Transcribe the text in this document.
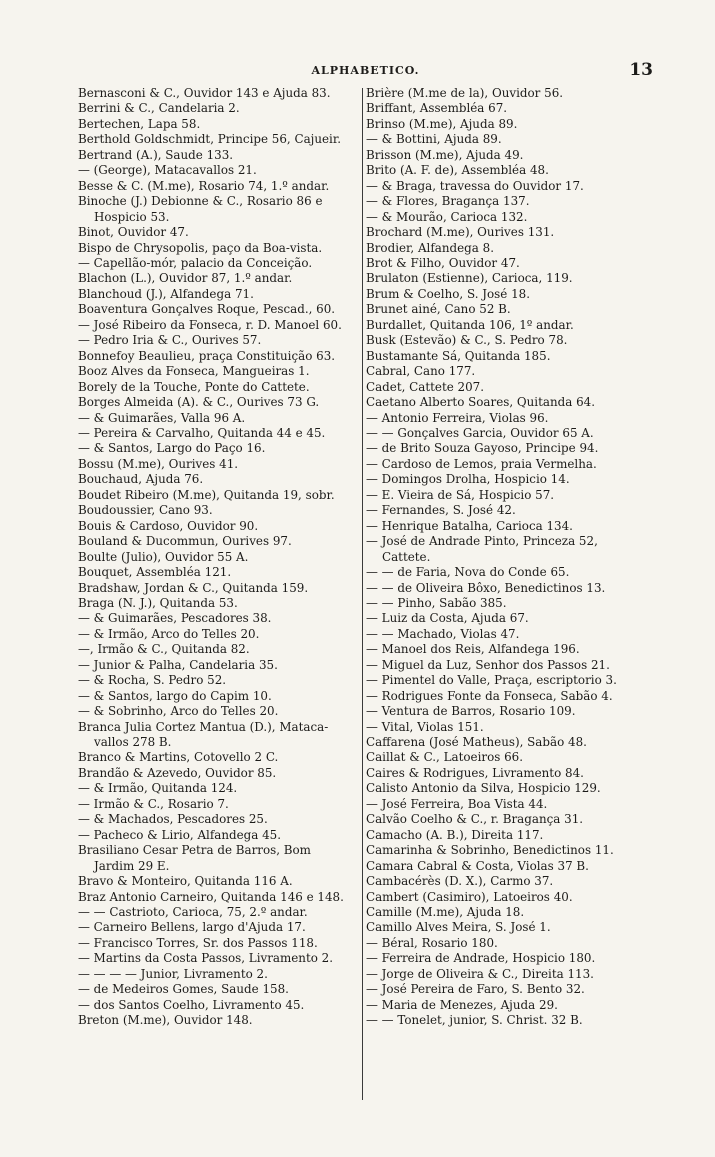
ALPHABETICO.	13
Bernasconi & C., Ouvidor 143 e Ajuda 83.
Berrini & C., Candelaria 2.
Bertechen, Lapa 58.
Berthold Goldschmidt, Principe 56, Cajueir.
Bertrand (A.), Saude 133.
— (George), Matacavallos 21.
Besse & C. (M.me), Rosario 74, 1.º andar.
Binoche (J.) Debionne & C., Rosario 86 e
Hospicio 53.
Binot, Ouvidor 47.
Bispo de Chrysopolis, paço da Boa-vista.
— Capellão-mór, palacio da Conceição.
Blachon (L.), Ouvidor 87, 1.º andar.
Blanchoud (J.), Alfandega 71.
Boaventura Gonçalves Roque, Pescad., 60.
— José Ribeiro da Fonseca, r. D. Manoel 60.
— Pedro Iria & C., Ourives 57.
Bonnefoy Beaulieu, praça Constituição 63.
Booz Alves da Fonseca, Mangueiras 1.
Borely de la Touche, Ponte do Cattete.
Borges Almeida (A). & C., Ourives 73 G.
— & Guimarães, Valla 96 A.
— Pereira & Carvalho, Quitanda 44 e 45.
— & Santos, Largo do Paço 16.
Bossu (M.me), Ourives 41.
Bouchaud, Ajuda 76.
Boudet Ribeiro (M.me), Quitanda 19, sobr.
Boudoussier, Cano 93.
Bouis & Cardoso, Ouvidor 90.
Bouland & Ducommun, Ourives 97.
Boulte (Julio), Ouvidor 55 A.
Bouquet, Assembléa 121.
Bradshaw, Jordan & C., Quitanda 159.
Braga (N. J.), Quitanda 53.
— & Guimarães, Pescadores 38.
— & Irmão, Arco do Telles 20.
—, Irmão & C., Quitanda 82.
— Junior & Palha, Candelaria 35.
— & Rocha, S. Pedro 52.
— & Santos, largo do Capim 10.
— & Sobrinho, Arco do Telles 20.
Branca Julia Cortez Mantua (D.), Mataca-
vallos 278 B.
Branco & Martins, Cotovello 2 C.
Brandão & Azevedo, Ouvidor 85.
— & Irmão, Quitanda 124.
— Irmão & C., Rosario 7.
— & Machados, Pescadores 25.
— Pacheco & Lirio, Alfandega 45.
Brasiliano Cesar Petra de Barros, Bom
Jardim 29 E.
Bravo & Monteiro, Quitanda 116 A.
Braz Antonio Carneiro, Quitanda 146 e 148.
— — Castrioto, Carioca, 75, 2.º andar.
— Carneiro Bellens, largo d'Ajuda 17.
— Francisco Torres, Sr. dos Passos 118.
— Martins da Costa Passos, Livramento 2.
— — — — Junior, Livramento 2.
— de Medeiros Gomes, Saude 158.
— dos Santos Coelho, Livramento 45.
Breton (M.me), Ouvidor 148.
Brière (M.me de la), Ouvidor 56.
Briffant, Assembléa 67.
Brinso (M.me), Ajuda 89.
— & Bottini, Ajuda 89.
Brisson (M.me), Ajuda 49.
Brito (A. F. de), Assembléa 48.
— & Braga, travessa do Ouvidor 17.
— & Flores, Bragança 137.
— & Mourão, Carioca 132.
Brochard (M.me), Ourives 131.
Brodier, Alfandega 8.
Brot & Filho, Ouvidor 47.
Brulaton (Estienne), Carioca, 119.
Brum & Coelho, S. José 18.
Brunet ainé, Cano 52 B.
Burdallet, Quitanda 106, 1º andar.
Busk (Estevão) & C., S. Pedro 78.
Bustamante Sá, Quitanda 185.
Cabral, Cano 177.
Cadet, Cattete 207.
Caetano Alberto Soares, Quitanda 64.
— Antonio Ferreira, Violas 96.
— — Gonçalves Garcia, Ouvidor 65 A.
— de Brito Souza Gayoso, Principe 94.
— Cardoso de Lemos, praia Vermelha.
— Domingos Drolha, Hospicio 14.
— E. Vieira de Sá, Hospicio 57.
— Fernandes, S. José 42.
— Henrique Batalha, Carioca 134.
— José de Andrade Pinto, Princeza 52,
Cattete.
— — de Faria, Nova do Conde 65.
— — de Oliveira Bôxo, Benedictinos 13.
— — Pinho, Sabão 385.
— Luiz da Costa, Ajuda 67.
— — Machado, Violas 47.
— Manoel dos Reis, Alfandega 196.
— Miguel da Luz, Senhor dos Passos 21.
— Pimentel do Valle, Praça, escriptorio 3.
— Rodrigues Fonte da Fonseca, Sabão 4.
— Ventura de Barros, Rosario 109.
— Vital, Violas 151.
Caffarena (José Matheus), Sabão 48.
Caillat & C., Latoeiros 66.
Caires & Rodrigues, Livramento 84.
Calisto Antonio da Silva, Hospicio 129.
— José Ferreira, Boa Vista 44.
Calvão Coelho & C., r. Bragança 31.
Camacho (A. B.), Direita 117.
Camarinha & Sobrinho, Benedictinos 11.
Camara Cabral & Costa, Violas 37 B.
Cambacérès (D. X.), Carmo 37.
Cambert (Casimiro), Latoeiros 40.
Camille (M.me), Ajuda 18.
Camillo Alves Meira, S. José 1.
— Béral, Rosario 180.
— Ferreira de Andrade, Hospicio 180.
— Jorge de Oliveira & C., Direita 113.
— José Pereira de Faro, S. Bento 32.
— Maria de Menezes, Ajuda 29.
— — Tonelet, junior, S. Christ. 32 B.
